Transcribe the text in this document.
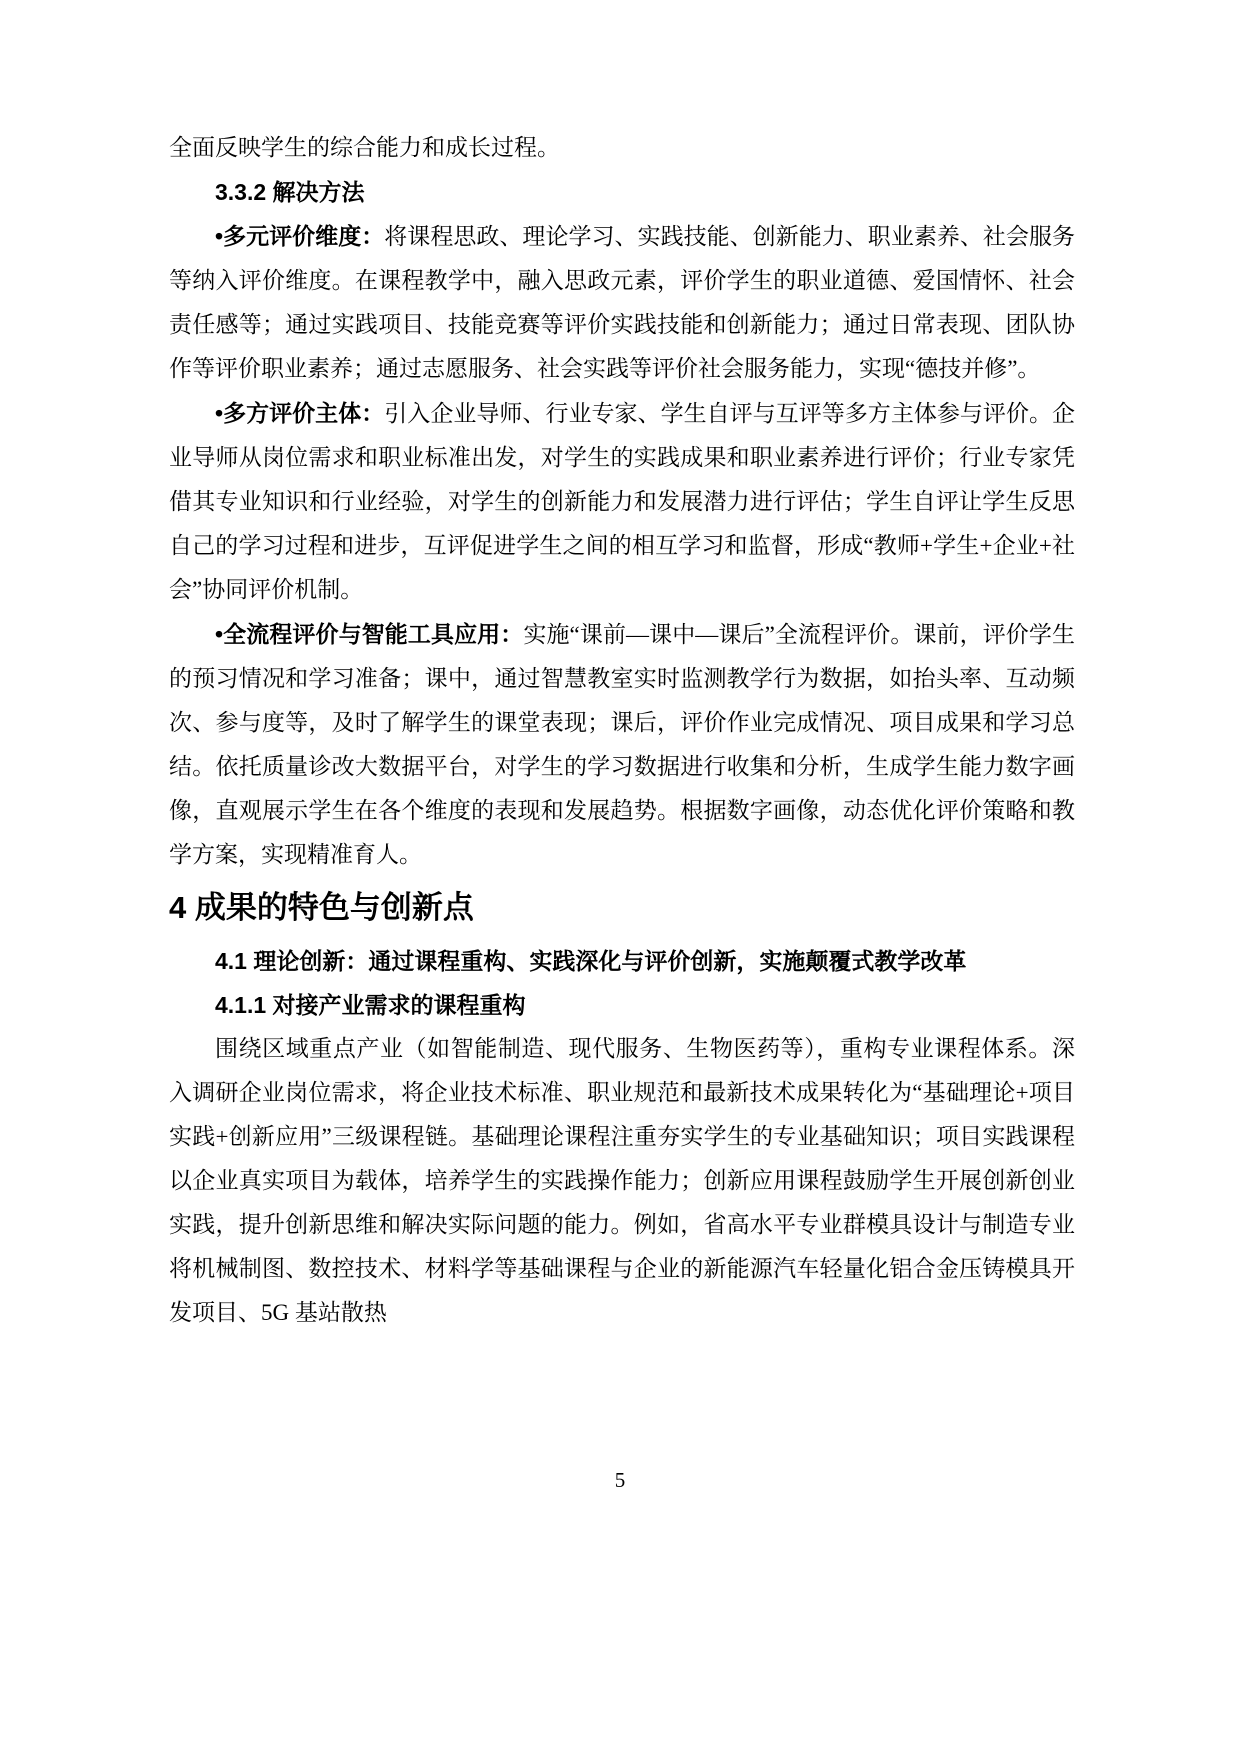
全面反映学生的综合能力和成长过程。

3.3.2 解决方法

•多元评价维度：将课程思政、理论学习、实践技能、创新能力、职业素养、社会服务等纳入评价维度。在课程教学中，融入思政元素，评价学生的职业道德、爱国情怀、社会责任感等；通过实践项目、技能竞赛等评价实践技能和创新能力；通过日常表现、团队协作等评价职业素养；通过志愿服务、社会实践等评价社会服务能力，实现“德技并修”。

•多方评价主体：引入企业导师、行业专家、学生自评与互评等多方主体参与评价。企业导师从岗位需求和职业标准出发，对学生的实践成果和职业素养进行评价；行业专家凭借其专业知识和行业经验，对学生的创新能力和发展潜力进行评估；学生自评让学生反思自己的学习过程和进步，互评促进学生之间的相互学习和监督，形成“教师+学生+企业+社会”协同评价机制。

•全流程评价与智能工具应用：实施“课前—课中—课后”全流程评价。课前，评价学生的预习情况和学习准备；课中，通过智慧教室实时监测教学行为数据，如抬头率、互动频次、参与度等，及时了解学生的课堂表现；课后，评价作业完成情况、项目成果和学习总结。依托质量诊改大数据平台，对学生的学习数据进行收集和分析，生成学生能力数字画像，直观展示学生在各个维度的表现和发展趋势。根据数字画像，动态优化评价策略和教学方案，实现精准育人。

4 成果的特色与创新点

4.1 理论创新：通过课程重构、实践深化与评价创新，实施颠覆式教学改革

4.1.1 对接产业需求的课程重构

围绕区域重点产业（如智能制造、现代服务、生物医药等），重构专业课程体系。深入调研企业岗位需求，将企业技术标准、职业规范和最新技术成果转化为“基础理论+项目实践+创新应用”三级课程链。基础理论课程注重夯实学生的专业基础知识；项目实践课程以企业真实项目为载体，培养学生的实践操作能力；创新应用课程鼓励学生开展创新创业实践，提升创新思维和解决实际问题的能力。例如，省高水平专业群模具设计与制造专业将机械制图、数控技术、材料学等基础课程与企业的新能源汽车轻量化铝合金压铸模具开发项目、5G 基站散热

5
